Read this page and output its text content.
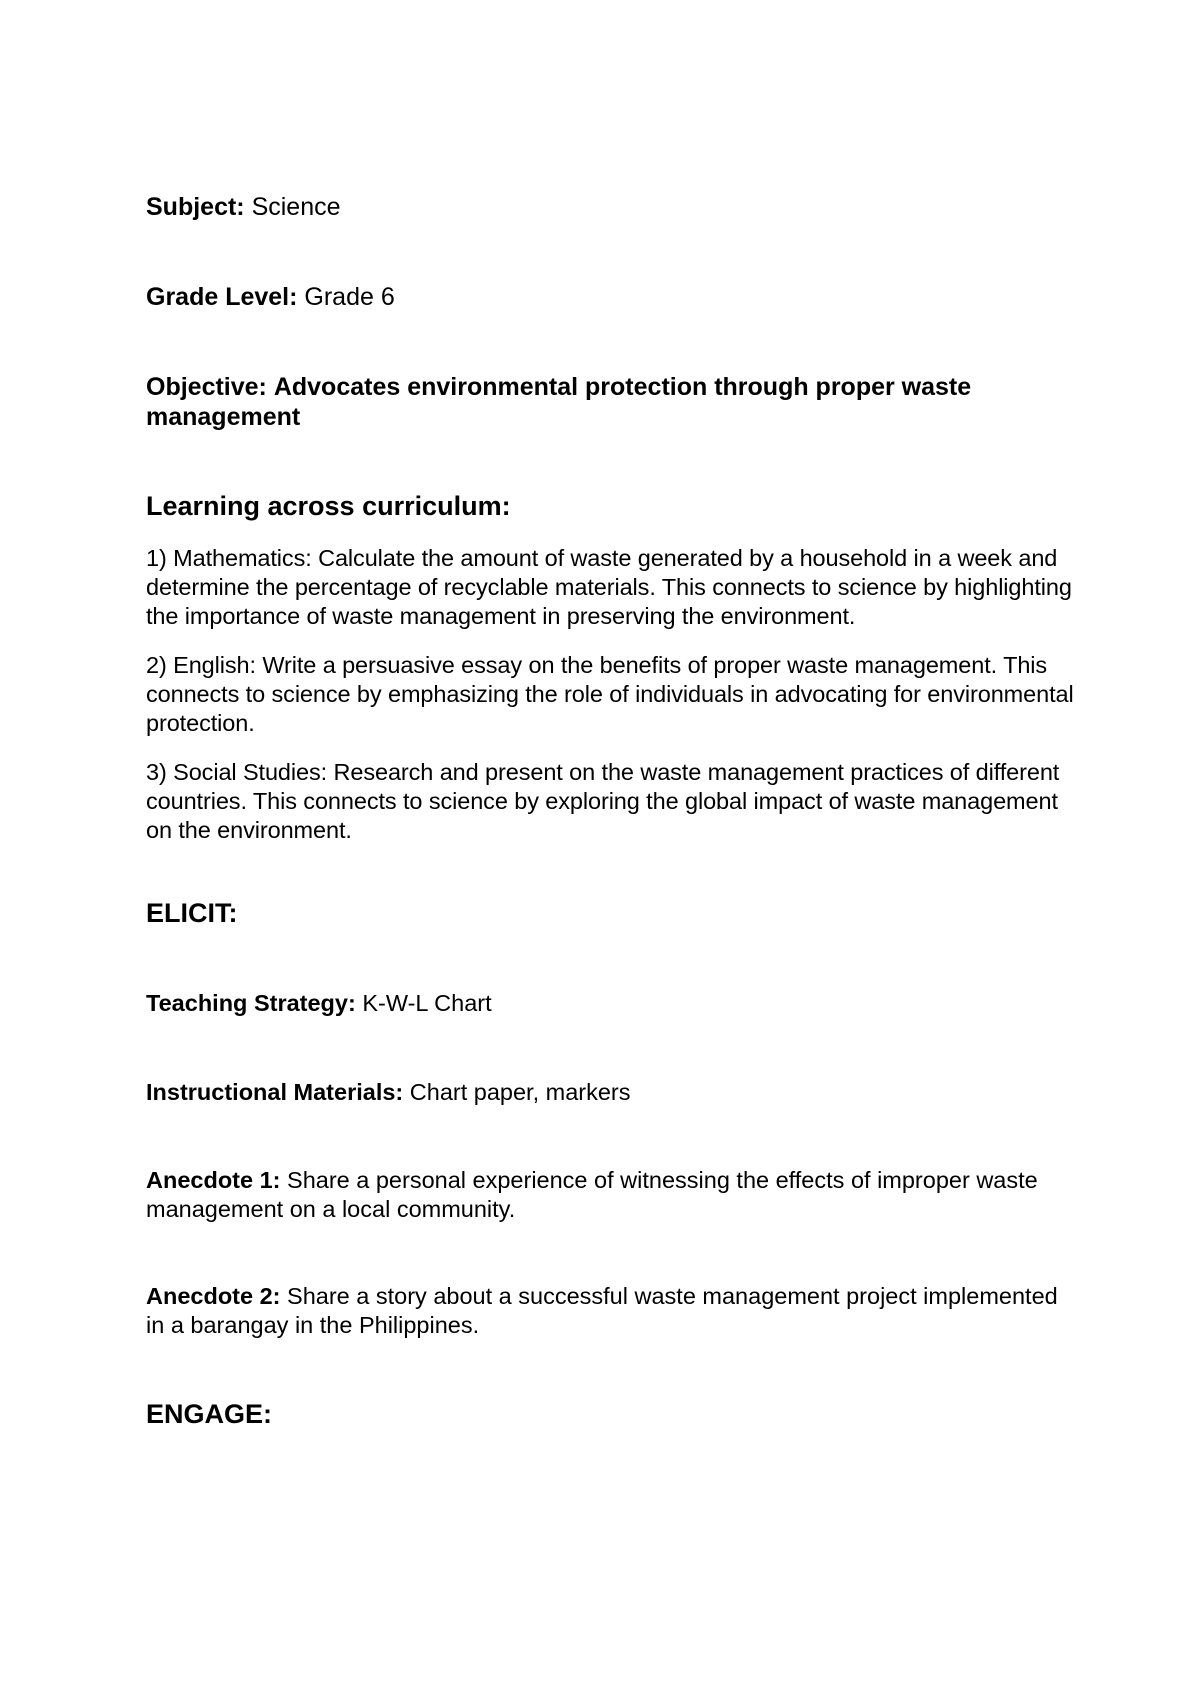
Subject: Science

Grade Level: Grade 6

Objective: Advocates environmental protection through proper waste management

Learning across curriculum:

1) Mathematics: Calculate the amount of waste generated by a household in a week and determine the percentage of recyclable materials. This connects to science by highlighting the importance of waste management in preserving the environment.

2) English: Write a persuasive essay on the benefits of proper waste management. This connects to science by emphasizing the role of individuals in advocating for environmental protection.

3) Social Studies: Research and present on the waste management practices of different countries. This connects to science by exploring the global impact of waste management on the environment.

ELICIT:

Teaching Strategy: K-W-L Chart

Instructional Materials: Chart paper, markers

Anecdote 1: Share a personal experience of witnessing the effects of improper waste management on a local community.

Anecdote 2: Share a story about a successful waste management project implemented in a barangay in the Philippines.

ENGAGE:
